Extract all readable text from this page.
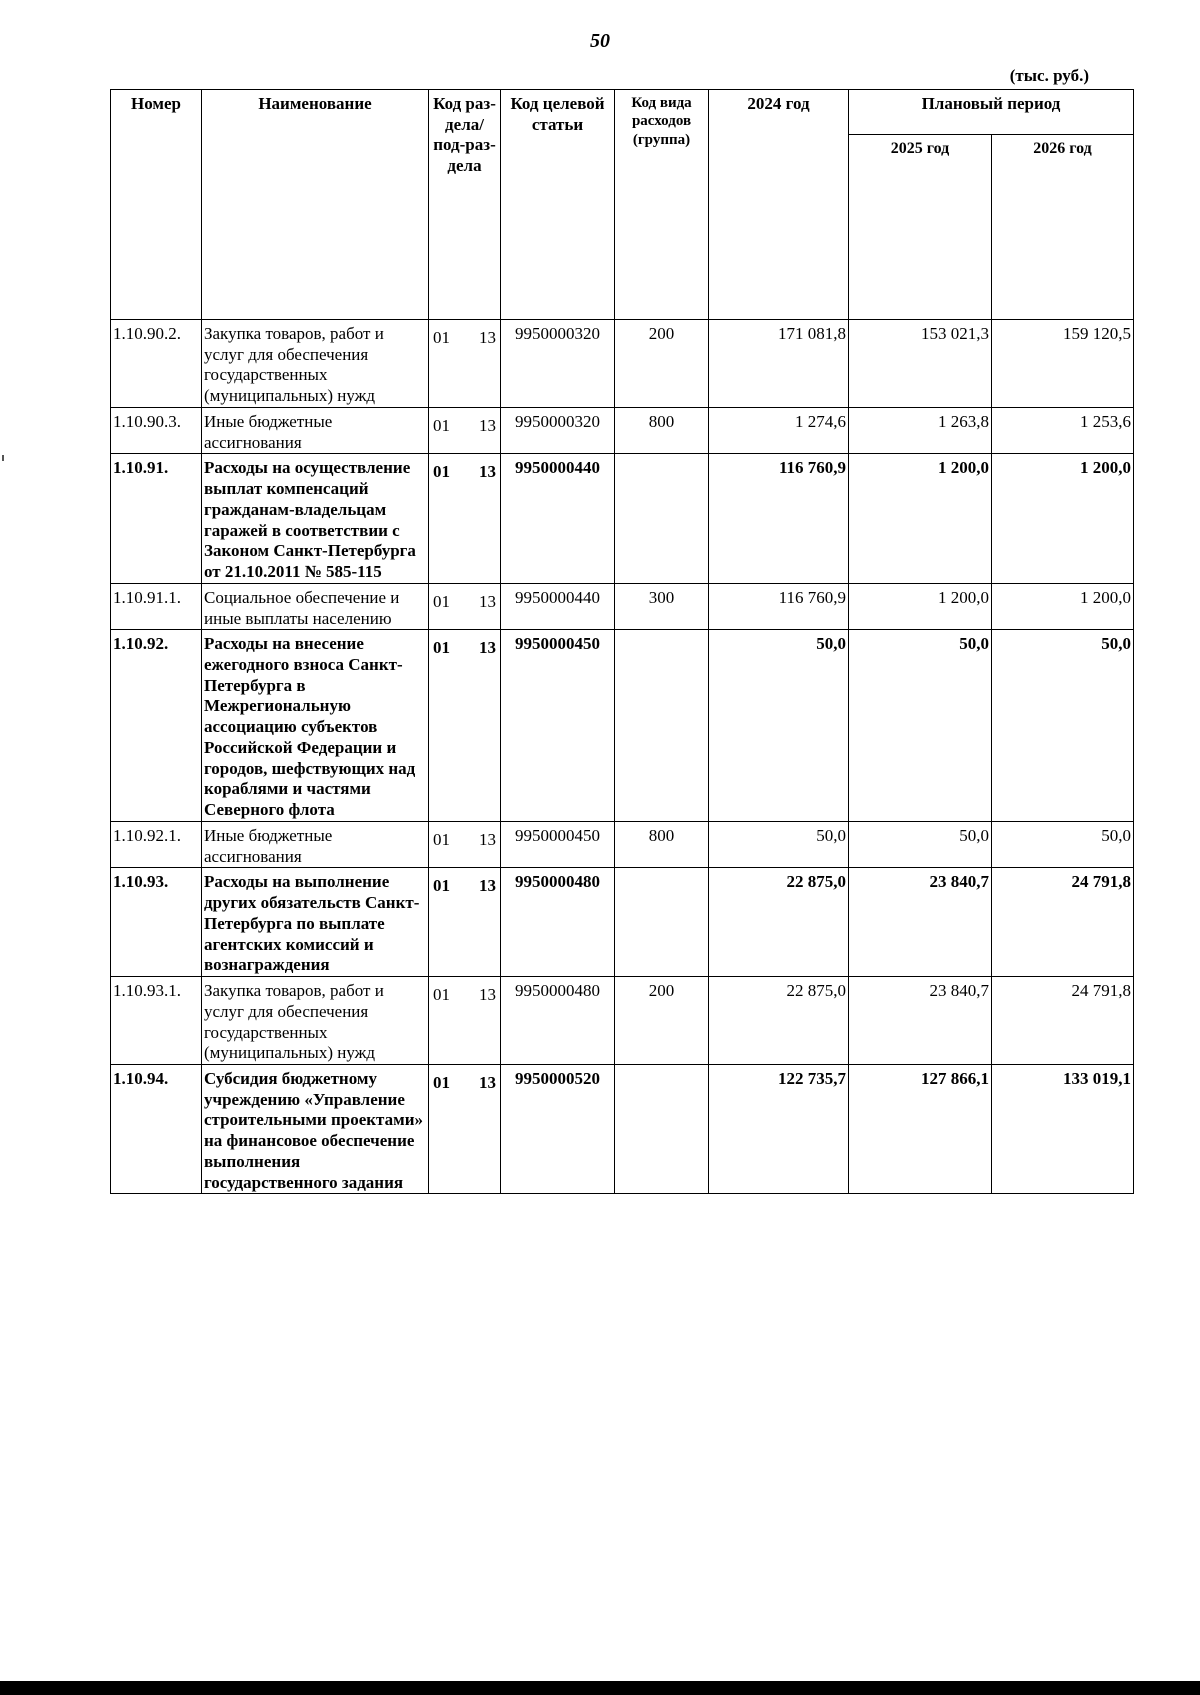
50
(тыс. руб.)
Номер	Наименование	Код раз-дела/ под-раз-дела	Код целевой статьи	Код вида расходов (группа)	2024 год	Плановый период	
						2025 год	2026 год
1.10.90.2.	Закупка товаров, работ и услуг для обеспечения государственных (муниципальных) нужд	01 13	9950000320	200	171 081,8	153 021,3	159 120,5
1.10.90.3.	Иные бюджетные ассигнования	01 13	9950000320	800	1 274,6	1 263,8	1 253,6
1.10.91.	Расходы на осуществление выплат компенсаций гражданам-владельцам гаражей в соответствии с Законом Санкт-Петербурга от 21.10.2011 № 585-115	01 13	9950000440		116 760,9	1 200,0	1 200,0
1.10.91.1.	Социальное обеспечение и иные выплаты населению	01 13	9950000440	300	116 760,9	1 200,0	1 200,0
1.10.92.	Расходы на внесение ежегодного взноса Санкт-Петербурга в Межрегиональную ассоциацию субъектов Российской Федерации и городов, шефствующих над кораблями и частями Северного флота	01 13	9950000450		50,0	50,0	50,0
1.10.92.1.	Иные бюджетные ассигнования	01 13	9950000450	800	50,0	50,0	50,0
1.10.93.	Расходы на выполнение других обязательств Санкт-Петербурга по выплате агентских комиссий и вознаграждения	01 13	9950000480		22 875,0	23 840,7	24 791,8
1.10.93.1.	Закупка товаров, работ и услуг для обеспечения государственных (муниципальных) нужд	01 13	9950000480	200	22 875,0	23 840,7	24 791,8
1.10.94.	Субсидия бюджетному учреждению «Управление строительными проектами» на финансовое обеспечение выполнения государственного задания	01 13	9950000520		122 735,7	127 866,1	133 019,1
